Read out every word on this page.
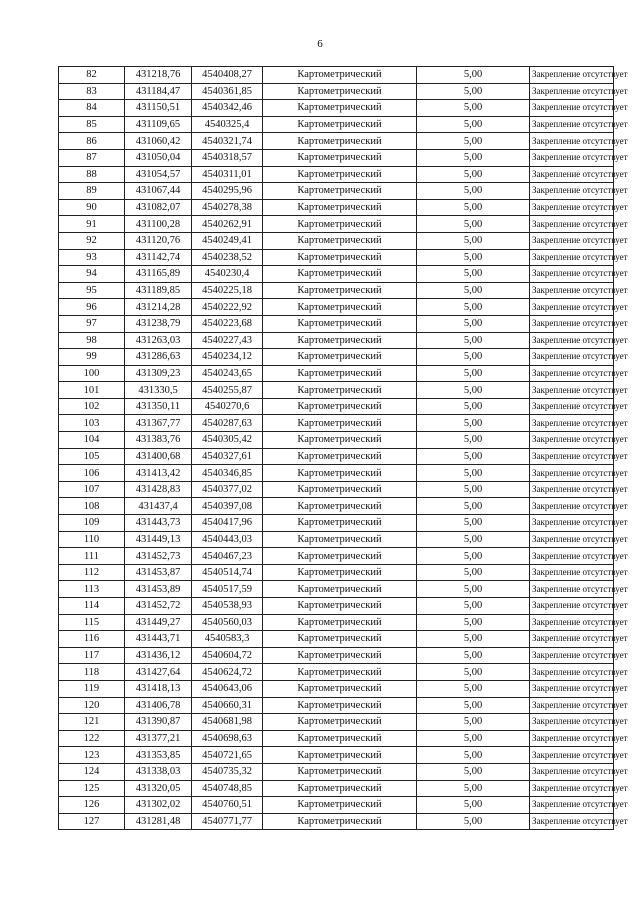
6
82	431218,76	4540408,27	Картометрический	5,00	Закрепление отсутствует
83	431184,47	4540361,85	Картометрический	5,00	Закрепление отсутствует
84	431150,51	4540342,46	Картометрический	5,00	Закрепление отсутствует
85	431109,65	4540325,4	Картометрический	5,00	Закрепление отсутствует
86	431060,42	4540321,74	Картометрический	5,00	Закрепление отсутствует
87	431050,04	4540318,57	Картометрический	5,00	Закрепление отсутствует
88	431054,57	4540311,01	Картометрический	5,00	Закрепление отсутствует
89	431067,44	4540295,96	Картометрический	5,00	Закрепление отсутствует
90	431082,07	4540278,38	Картометрический	5,00	Закрепление отсутствует
91	431100,28	4540262,91	Картометрический	5,00	Закрепление отсутствует
92	431120,76	4540249,41	Картометрический	5,00	Закрепление отсутствует
93	431142,74	4540238,52	Картометрический	5,00	Закрепление отсутствует
94	431165,89	4540230,4	Картометрический	5,00	Закрепление отсутствует
95	431189,85	4540225,18	Картометрический	5,00	Закрепление отсутствует
96	431214,28	4540222,92	Картометрический	5,00	Закрепление отсутствует
97	431238,79	4540223,68	Картометрический	5,00	Закрепление отсутствует
98	431263,03	4540227,43	Картометрический	5,00	Закрепление отсутствует
99	431286,63	4540234,12	Картометрический	5,00	Закрепление отсутствует
100	431309,23	4540243,65	Картометрический	5,00	Закрепление отсутствует
101	431330,5	4540255,87	Картометрический	5,00	Закрепление отсутствует
102	431350,11	4540270,6	Картометрический	5,00	Закрепление отсутствует
103	431367,77	4540287,63	Картометрический	5,00	Закрепление отсутствует
104	431383,76	4540305,42	Картометрический	5,00	Закрепление отсутствует
105	431400,68	4540327,61	Картометрический	5,00	Закрепление отсутствует
106	431413,42	4540346,85	Картометрический	5,00	Закрепление отсутствует
107	431428,83	4540377,02	Картометрический	5,00	Закрепление отсутствует
108	431437,4	4540397,08	Картометрический	5,00	Закрепление отсутствует
109	431443,73	4540417,96	Картометрический	5,00	Закрепление отсутствует
110	431449,13	4540443,03	Картометрический	5,00	Закрепление отсутствует
111	431452,73	4540467,23	Картометрический	5,00	Закрепление отсутствует
112	431453,87	4540514,74	Картометрический	5,00	Закрепление отсутствует
113	431453,89	4540517,59	Картометрический	5,00	Закрепление отсутствует
114	431452,72	4540538,93	Картометрический	5,00	Закрепление отсутствует
115	431449,27	4540560,03	Картометрический	5,00	Закрепление отсутствует
116	431443,71	4540583,3	Картометрический	5,00	Закрепление отсутствует
117	431436,12	4540604,72	Картометрический	5,00	Закрепление отсутствует
118	431427,64	4540624,72	Картометрический	5,00	Закрепление отсутствует
119	431418,13	4540643,06	Картометрический	5,00	Закрепление отсутствует
120	431406,78	4540660,31	Картометрический	5,00	Закрепление отсутствует
121	431390,87	4540681,98	Картометрический	5,00	Закрепление отсутствует
122	431377,21	4540698,63	Картометрический	5,00	Закрепление отсутствует
123	431353,85	4540721,65	Картометрический	5,00	Закрепление отсутствует
124	431338,03	4540735,32	Картометрический	5,00	Закрепление отсутствует
125	431320,05	4540748,85	Картометрический	5,00	Закрепление отсутствует
126	431302,02	4540760,51	Картометрический	5,00	Закрепление отсутствует
127	431281,48	4540771,77	Картометрический	5,00	Закрепление отсутствует
